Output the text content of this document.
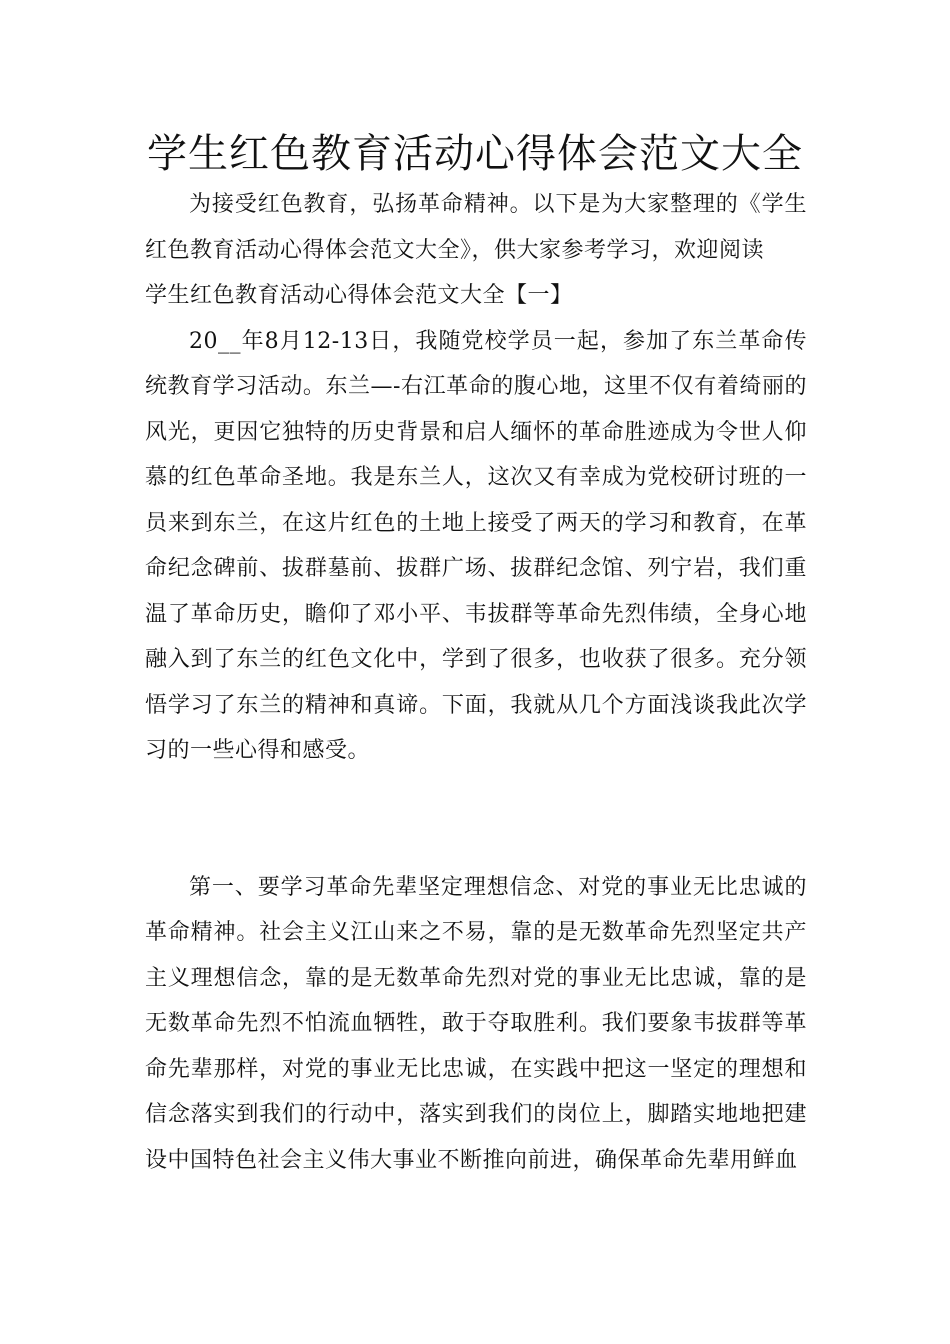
学生红色教育活动心得体会范文大全

为接受红色教育，弘扬革命精神。以下是为大家整理的《学生红色教育活动心得体会范文大全》，供大家参考学习，欢迎阅读

学生红色教育活动心得体会范文大全【一】

20__年8月12-13日，我随党校学员一起，参加了东兰革命传统教育学习活动。东兰—-右江革命的腹心地，这里不仅有着绮丽的风光，更因它独特的历史背景和启人缅怀的革命胜迹成为令世人仰慕的红色革命圣地。我是东兰人，这次又有幸成为党校研讨班的一员来到东兰，在这片红色的土地上接受了两天的学习和教育，在革命纪念碑前、拔群墓前、拔群广场、拔群纪念馆、列宁岩，我们重温了革命历史，瞻仰了邓小平、韦拔群等革命先烈伟绩，全身心地融入到了东兰的红色文化中，学到了很多，也收获了很多。充分领悟学习了东兰的精神和真谛。下面，我就从几个方面浅谈我此次学习的一些心得和感受。

第一、要学习革命先辈坚定理想信念、对党的事业无比忠诚的革命精神。社会主义江山来之不易，靠的是无数革命先烈坚定共产主义理想信念，靠的是无数革命先烈对党的事业无比忠诚，靠的是无数革命先烈不怕流血牺牲，敢于夺取胜利。我们要象韦拔群等革命先辈那样，对党的事业无比忠诚，在实践中把这一坚定的理想和信念落实到我们的行动中，落实到我们的岗位上，脚踏实地地把建设中国特色社会主义伟大事业不断推向前进，确保革命先辈用鲜血
